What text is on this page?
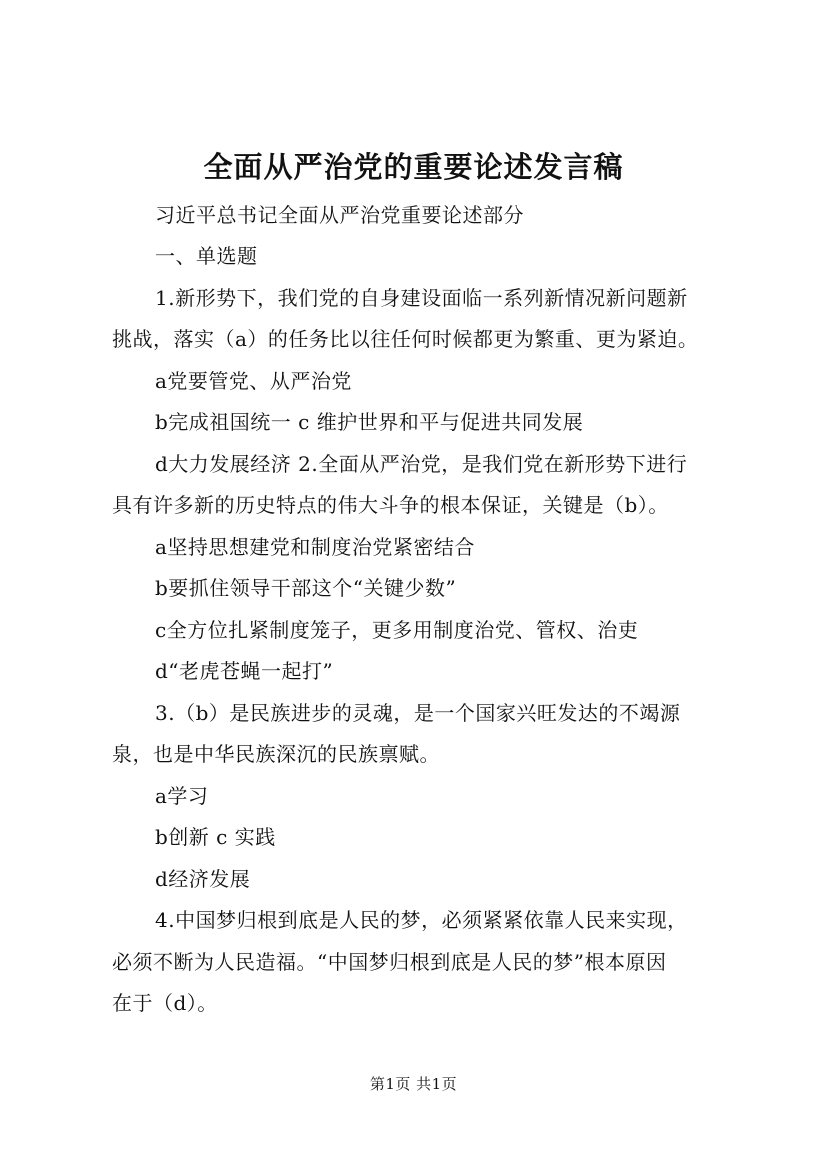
全面从严治党的重要论述发言稿
习近平总书记全面从严治党重要论述部分
一、单选题
1.新形势下，我们党的自身建设面临一系列新情况新问题新
挑战，落实（a）的任务比以往任何时候都更为繁重、更为紧迫。
a党要管党、从严治党
b完成祖国统一 c 维护世界和平与促进共同发展
d大力发展经济 2.全面从严治党，是我们党在新形势下进行
具有许多新的历史特点的伟大斗争的根本保证，关键是（b）。
a坚持思想建党和制度治党紧密结合
b要抓住领导干部这个“关键少数”
c全方位扎紧制度笼子，更多用制度治党、管权、治吏
d“老虎苍蝇一起打”
3.（b）是民族进步的灵魂，是一个国家兴旺发达的不竭源
泉，也是中华民族深沉的民族禀赋。
a学习
b创新 c 实践
d经济发展
4.中国梦归根到底是人民的梦，必须紧紧依靠人民来实现，
必须不断为人民造福。“中国梦归根到底是人民的梦”根本原因
在于（d）。
第1页 共1页
